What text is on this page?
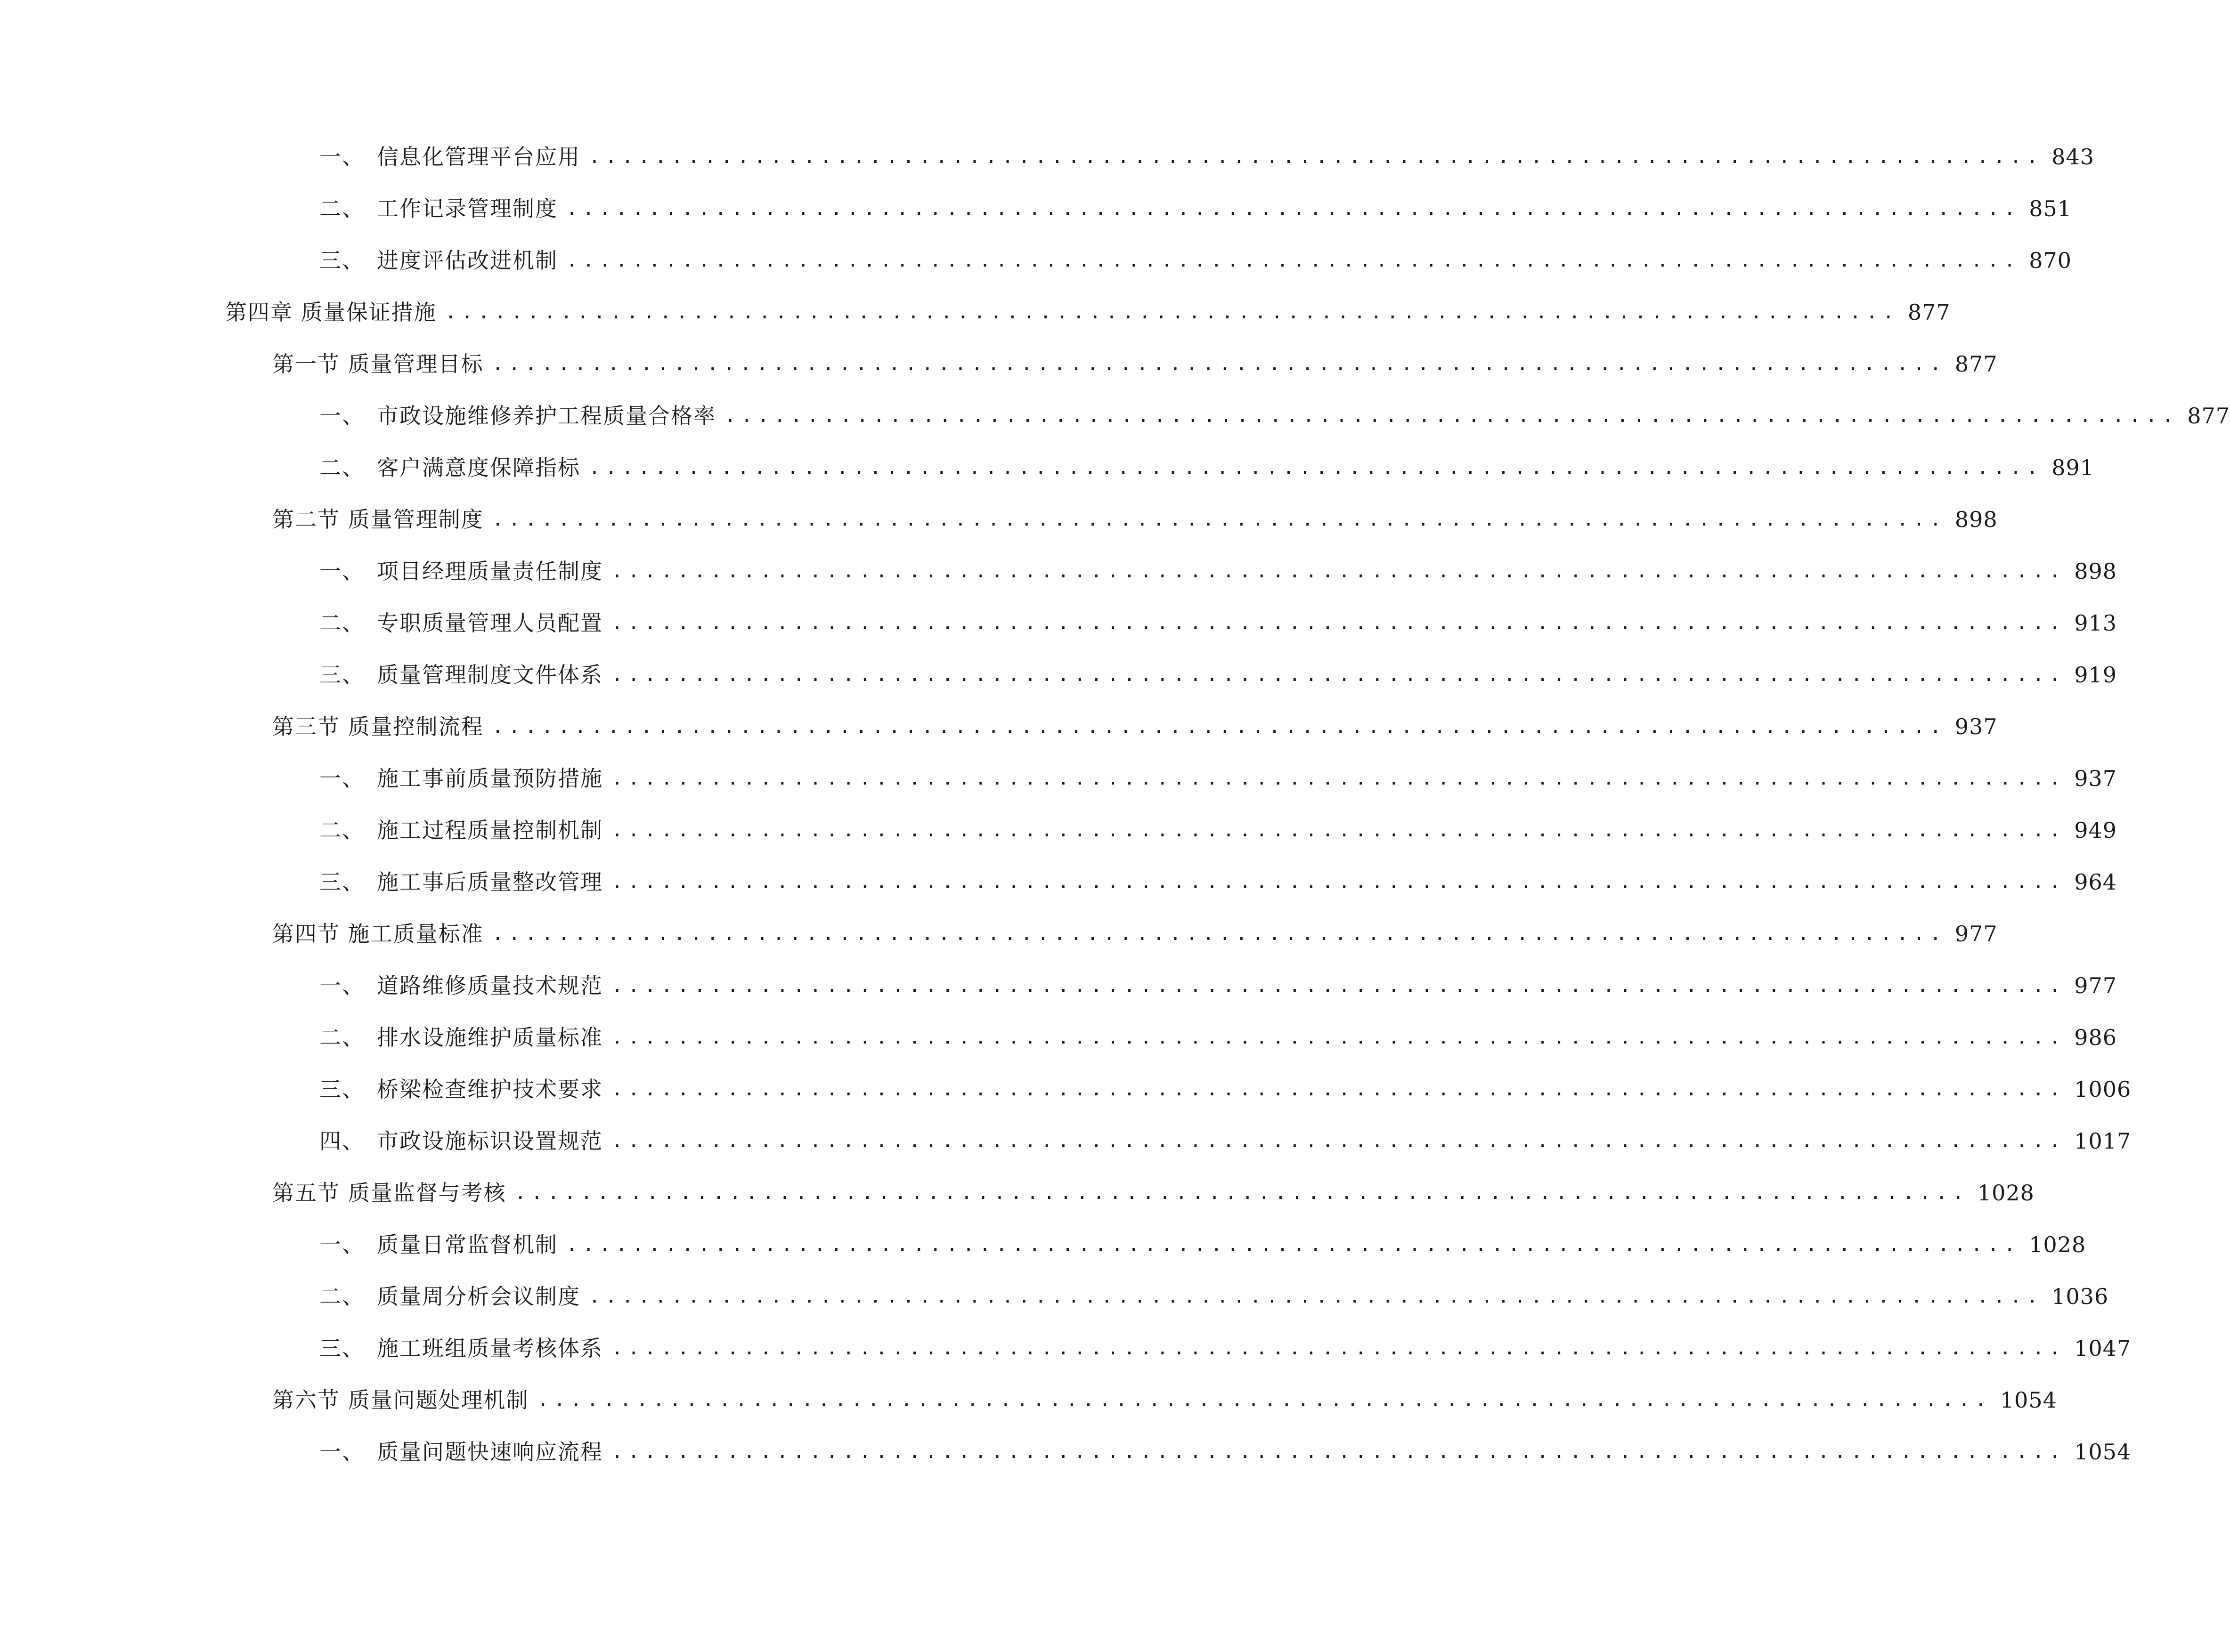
一、 信息化管理平台应用 ........................................................................................ 843
二、 工作记录管理制度 ........................................................................................ 851
三、 进度评估改进机制 ........................................................................................ 870
第四章 质量保证措施 ........................................................................................ 877
第一节 质量管理目标 ........................................................................................ 877
一、 市政设施维修养护工程质量合格率 ........................................................................................ 877
二、 客户满意度保障指标 ........................................................................................ 891
第二节 质量管理制度 ........................................................................................ 898
一、 项目经理质量责任制度 ........................................................................................ 898
二、 专职质量管理人员配置 ........................................................................................ 913
三、 质量管理制度文件体系 ........................................................................................ 919
第三节 质量控制流程 ........................................................................................ 937
一、 施工事前质量预防措施 ........................................................................................ 937
二、 施工过程质量控制机制 ........................................................................................ 949
三、 施工事后质量整改管理 ........................................................................................ 964
第四节 施工质量标准 ........................................................................................ 977
一、 道路维修质量技术规范 ........................................................................................ 977
二、 排水设施维护质量标准 ........................................................................................ 986
三、 桥梁检查维护技术要求 ........................................................................................ 1006
四、 市政设施标识设置规范 ........................................................................................ 1017
第五节 质量监督与考核 ........................................................................................ 1028
一、 质量日常监督机制 ........................................................................................ 1028
二、 质量周分析会议制度 ........................................................................................ 1036
三、 施工班组质量考核体系 ........................................................................................ 1047
第六节 质量问题处理机制 ........................................................................................ 1054
一、 质量问题快速响应流程 ........................................................................................ 1054
